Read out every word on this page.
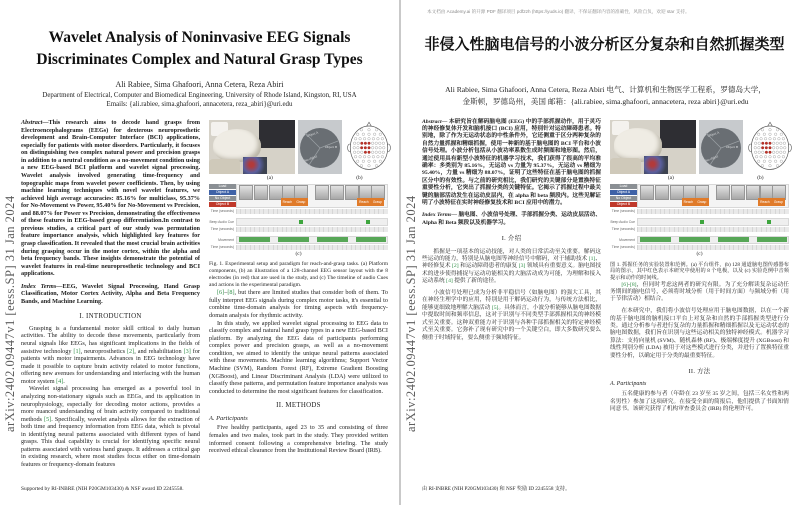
arXiv:2402.09447v1 [eess.SP] 31 Jan 2024
Wavelet Analysis of Noninvasive EEG Signals Discriminates Complex and Natural Grasp Types
Ali Rabiee, Sima Ghafoori, Anna Cetera, Reza Abiri
Department of Electrical, Computer and Biomedical Engineering, University of Rhode Island, Kingston, RI, USA
Emails: {ali.rabiee, sima.ghafoori, annacetera, reza_abiri}@uri.edu

Abstract—This research aims to decode hand grasps from Electroencephalograms (EEGs) for dexterous neuroprosthetic development and Brain-Computer Interface (BCI) applications, especially for patients with motor disorders. Particularly, it focuses on distinguishing two complex natural power and precision grasps in addition to a neutral condition as a no-movement condition using a new EEG-based BCI platform and wavelet signal processing. Wavelet analysis involved generating time-frequency and topographic maps from wavelet power coefficients. Then, by using machine learning techniques with novel wavelet features, we achieved high average accuracies: 85.16% for multiclass, 95.37% for No-Movement vs Power, 95.40% for No-Movement vs Precision, and 88.07% for Power vs Precision, demonstrating the effectiveness of these features in EEG-based grasp differentiation.In contrast to previous studies, a critical part of our study was permutation feature importance analysis, which highlighted key features for grasp classification. It revealed that the most crucial brain activities during grasping occur in the motor cortex, within the alpha and beta frequency bands. These insights demonstrate the potential of wavelet features in real-time neuroprosthetic technology and BCI applications.

Index Terms—EEG, Wavelet Signal Processing, Hand Grasp Classification, Motor Cortex Activity, Alpha and Beta Frequency Bands, and Machine Learning.

I. INTRODUCTION

Grasping is a fundamental motor skill critical to daily human activities. The ability to decode these movements, particularly from neural signals like EEGs, has significant implications in the fields of assistive technology [1], neuroprosthetics [2], and rehabilitation [3] for patients with motor impairments. Advances in EEG technology have made it possible to capture brain activity related to motor functions, offering new avenues for understanding and interfacing with the human motor system [4].

Wavelet signal processing has emerged as a powerful tool in analyzing non-stationary signals such as EEGs, and its application in neurophysiology, especially for decoding motor actions, provides a more nuanced understanding of brain activity compared to traditional methods [5]. Specifically, wavelet analysis allows for the extraction of both time and frequency information from EEG data, which is pivotal in identifying neural patterns associated with different types of hand grasps. This dual capability is crucial for identifying specific neural patterns associated with various hand grasps. It addresses a critical gap in existing research, where most studies focus either on time-domain features or frequency-domain features

Object A
Object B
No object
(a)	(b)
Load
Object A
No Object
Object B
Reach Grasp	Reach Grasp
Time (seconds)
Beep Audio Cue
Time (seconds)
Movement
Time (seconds)
(c)
Fig. 1. Experimental setup and paradigm for reach-and-grasp tasks. (a) Platform components, (b) an illustration of a 128-channel EEG sensor layout with the 8 electrodes (in red) that are used in the study, and (c) The timeline of audio Cues and actions in the experimental paradigm.

[6]–[8], but there are limited studies that consider both of them. To fully interpret EEG signals during complex motor tasks, it's essential to combine time-domain analysis for timing aspects with frequency-domain analysis for rhythmic activity.

In this study, we applied wavelet signal processing to EEG data to classify complex and natural hand grasp types in a new EEG-based BCI platform. By analyzing the EEG data of participants performing complex power and precision grasps, as well as a no-movement condition, we aimed to identify the unique neural patterns associated with these movements. Machine learning algorithms; Support Vector Machine (SVM), Random Forest (RF), Extreme Gradient Boosting (XGBoost), and Linear Discriminant Analysis (LDA) were utilized to classify these patterns, and permutation feature importance analysis was conducted to determine the most significant features for classification.

II. METHODS
A. Participants

Five healthy participants, aged 23 to 35 and consisting of three females and two males, took part in the study. They provided written informed consent following a comprehensive briefing. The study received ethical clearance from the Institutional Review Board (IRB).

Supported by RI-INBRE (NIH P20GM103430) & NSF award ID 2245558.
本文档由 Academy.ai 的开源 PDF 翻译项目 pdf2zh (https://yuds.io) 翻译，不保证翻译内容的准确性，风险自负，欢迎 star 支持。
arXiv:2402.09447v1 [eess.SP] 31 Jan 2024
非侵入性脑电信号的小波分析区分复杂和自然抓握类型
Ali Rabiee, Sima Ghafoori, Anna Cetera, Reza Abiri 电气、计算机和生物医学工程系，罗德岛大学，金斯顿，罗德岛州，美国 邮箱：{ali.rabiee, sima.ghafoori, annacetera, reza abiri}@uri.edu

Abstract— 本研究旨在解码脑电图 (EEG) 中的手部抓握动作，用于灵巧的神经修复体开发和脑机接口 (BCI) 应用，特别针对运动障碍患者。特别地，除了作为无运动状态的中性条件外，它还侧重于区分两种复杂的自然力量抓握和精细抓握，使用一种新的基于脑电图的 BCI 平台和小波信号处理。小波分析包括从小波功率系数生成时频图和地形图。然后，通过使用具有新型小波特征的机器学习技术，我们获得了很高的平均准确率：多类别为 85.16%，无运动 vs 力量为 95.37%，无运动 vs 精细为 95.40%，力量 vs 精细为 88.07%，证明了这些特征在基于脑电图的抓握区分中的有效性。与之前的研究相比，我们研究的关键部分是置换特征重要性分析，它突出了抓握分类的关键特征。它揭示了抓握过程中最关键的脑部活动发生在运动皮层内，在 alpha 和 beta 频段内。这些见解证明了小波特征在实时神经修复技术和 BCI 应用中的潜力。

Index Terms— 脑电图、小波信号处理、手部抓握分类、运动皮层活动、Alpha 和 Beta 频段以及机器学习。

I. 介绍

抓握是一项基本的运动技能，对人类的日常活动至关重要。解码这些运动的能力，特别是从脑电图等神经信号中解码，对于辅助技术 [1]、神经修复术 [2] 和运动障碍患者的康复 [3] 领域具有重要意义。脑电图技术的进步使得捕捉与运动功能相关的大脑活动成为可能，为理解和接入运动系统 [4] 提供了新的途径。

小波信号处理已成为分析非平稳信号（如脑电图）的强大工具，其在神经生理学中的应用，特别是用于解码运动行为，与传统方法相比，能够更细致地理解大脑活动 [5]。具体而言，小波分析能够从脑电图数据中提取时间和频率信息，这对于识别与不同类型手部抓握相关的神经模式至关重要。这种双重能力对于识别与各种手部抓握相关的特定神经模式至关重要。它弥补了现有研究中的一个关键空白，即大多数研究要么侧重于时域特征，要么侧重于频域特征。

Object A
Object B
No object
(a)	(b)
Load
Object A
No Object
Object B
Reach Grasp	Reach Grasp
Time (seconds)
Beep Audio Cue
Time (seconds)
Movement
Time (seconds)
(c)
图 1. 抓握任务的实验装置和范例。(a) 平台组件，(b) 128 通道脑电图传感器布局的图示，其中红色表示本研究中使用的 8 个电极，以及 (c) 实验范例中音频提示和动作的时间线。

[6]-[8]，但同时考虑这两者的研究有限。为了充分解读复杂运动任务期间的脑电信号，必须将时域分析（用于时间方面）与频域分析（用于节律活动）相结合。

在本研究中，我们将小波信号处理应用于脑电图数据，以在一个新的基于脑电图的脑机接口平台上对复杂和自然的手部抓握类型进行分类。通过分析参与者进行复杂的力量抓握和精细抓握以及无运动状态的脑电图数据，我们旨在识别与这些运动相关的独特神经模式。机器学习算法：支持向量机 (SVM)、随机森林 (RF)、极端梯度提升 (XGBoost) 和线性判别分析 (LDA) 被用于对这些模式进行分类，并进行了置换特征重要性分析，以确定用于分类的最重要特征。

II. 方法
A. Participants

五名健康的参与者（年龄在 23 岁至 35 岁之间，包括三名女性和两名男性）参加了这项研究。在接受全面的简报后，他们提供了书面知情同意书。该研究获得了机构审查委员会 (IRB) 的伦理许可。

由 RI-INBRE (NIH P20GM103430) 和 NSF 奖励 ID 2245558 支持。
